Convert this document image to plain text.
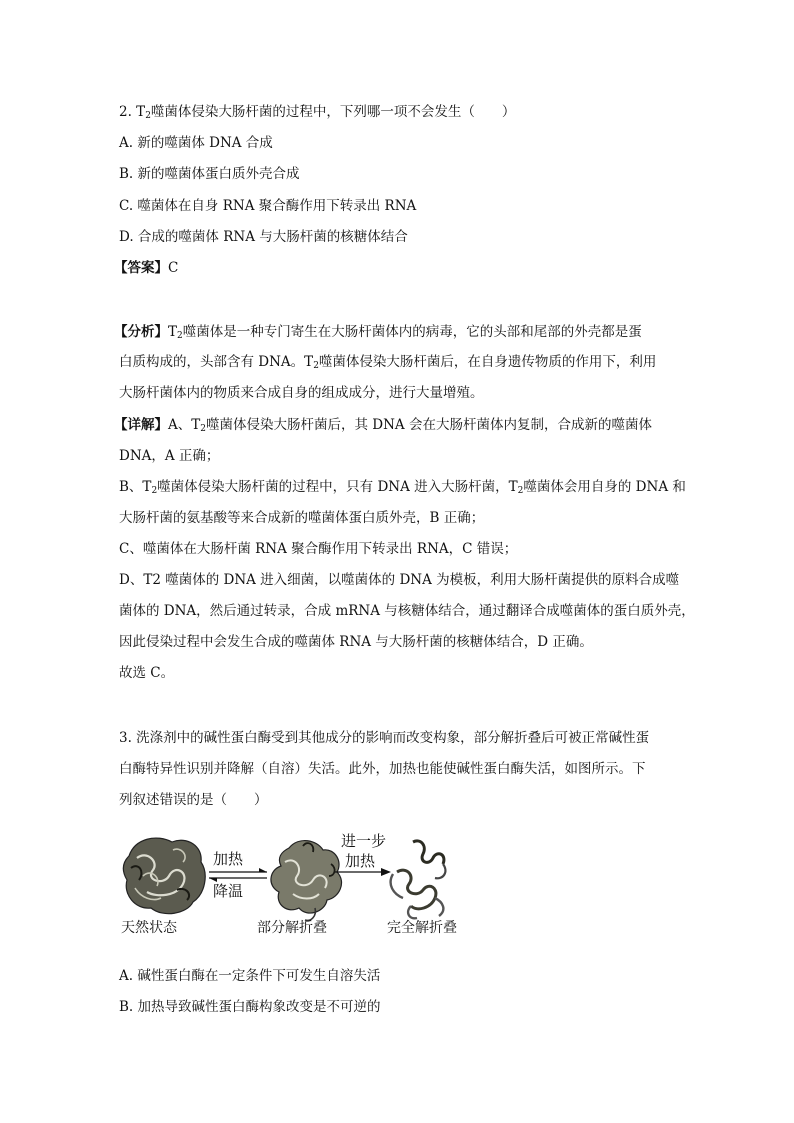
2. $T_2$噬菌体侵染大肠杆菌的过程中，下列哪一项不会发生（　　）
A. 新的噬菌体 DNA 合成
B. 新的噬菌体蛋白质外壳合成
C. 噬菌体在自身 RNA 聚合酶作用下转录出 RNA
D. 合成的噬菌体 RNA 与大肠杆菌的核糖体结合
【答案】C
【分析】$T_2$噬菌体是一种专门寄生在大肠杆菌体内的病毒，它的头部和尾部的外壳都是蛋
白质构成的，头部含有 DNA。$T_2$噬菌体侵染大肠杆菌后，在自身遗传物质的作用下，利用
大肠杆菌体内的物质来合成自身的组成成分，进行大量增殖。
【详解】A、$T_2$噬菌体侵染大肠杆菌后，其 DNA 会在大肠杆菌体内复制，合成新的噬菌体
DNA，A 正确；
B、$T_2$噬菌体侵染大肠杆菌的过程中，只有 DNA 进入大肠杆菌，$T_2$噬菌体会用自身的 DNA 和
大肠杆菌的氨基酸等来合成新的噬菌体蛋白质外壳，B 正确；
C、噬菌体在大肠杆菌 RNA 聚合酶作用下转录出 RNA，C 错误；
D、T2 噬菌体的 DNA 进入细菌，以噬菌体的 DNA 为模板，利用大肠杆菌提供的原料合成噬
菌体的 DNA，然后通过转录，合成 mRNA 与核糖体结合，通过翻译合成噬菌体的蛋白质外壳，
因此侵染过程中会发生合成的噬菌体 RNA 与大肠杆菌的核糖体结合，D 正确。
故选 C。
3. 洗涤剂中的碱性蛋白酶受到其他成分的影响而改变构象，部分解折叠后可被正常碱性蛋
白酶特异性识别并降解（自溶）失活。此外，加热也能使碱性蛋白酶失活，如图所示。下
列叙述错误的是（　　）
加热
降温
进一步
加热
天然状态	部分解折叠	完全解折叠
A. 碱性蛋白酶在一定条件下可发生自溶失活
B. 加热导致碱性蛋白酶构象改变是不可逆的
